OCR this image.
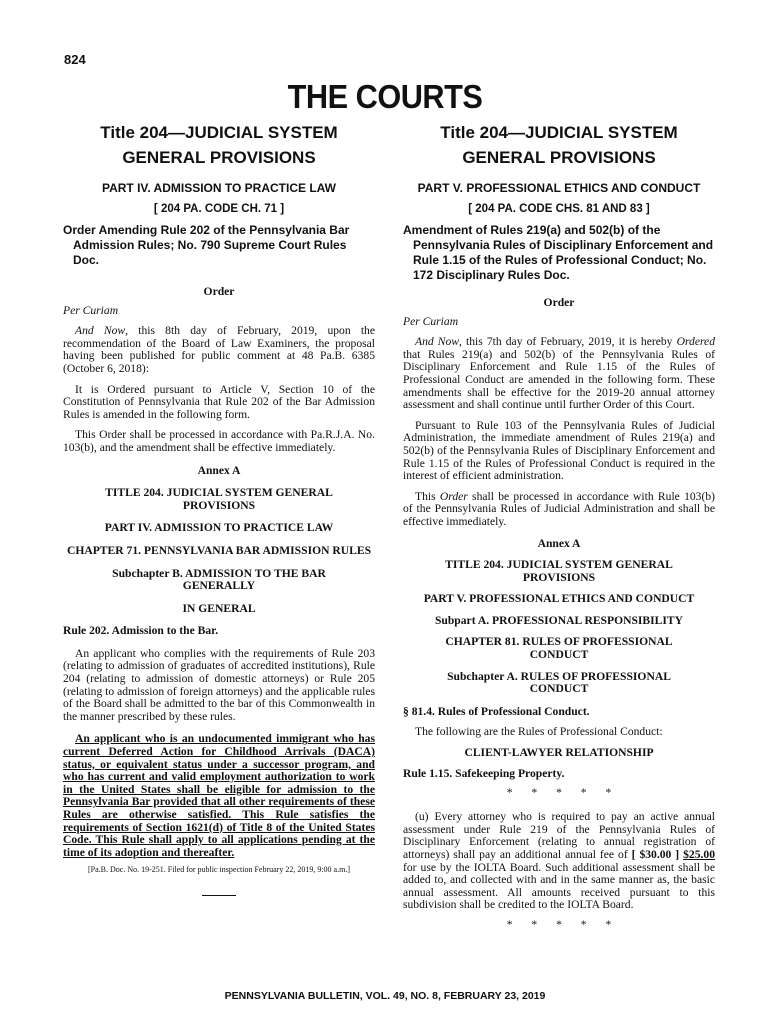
824
THE COURTS
Title 204—JUDICIAL SYSTEM
GENERAL PROVISIONS
PART IV. ADMISSION TO PRACTICE LAW
[ 204 PA. CODE CH. 71 ]
Order Amending Rule 202 of the Pennsylvania Bar Admission Rules; No. 790 Supreme Court Rules Doc.
Order
Per Curiam

And Now, this 8th day of February, 2019, upon the recommendation of the Board of Law Examiners, the proposal having been published for public comment at 48 Pa.B. 6385 (October 6, 2018):

It is Ordered pursuant to Article V, Section 10 of the Constitution of Pennsylvania that Rule 202 of the Bar Admission Rules is amended in the following form.

This Order shall be processed in accordance with Pa.R.J.A. No. 103(b), and the amendment shall be effective immediately.

Annex A
TITLE 204. JUDICIAL SYSTEM GENERAL PROVISIONS
PART IV. ADMISSION TO PRACTICE LAW
CHAPTER 71. PENNSYLVANIA BAR ADMISSION RULES
Subchapter B. ADMISSION TO THE BAR GENERALLY
IN GENERAL
Rule 202. Admission to the Bar.

An applicant who complies with the requirements of Rule 203 (relating to admission of graduates of accredited institutions), Rule 204 (relating to admission of domestic attorneys) or Rule 205 (relating to admission of foreign attorneys) and the applicable rules of the Board shall be admitted to the bar of this Commonwealth in the manner prescribed by these rules.

An applicant who is an undocumented immigrant who has current Deferred Action for Childhood Arrivals (DACA) status, or equivalent status under a successor program, and who has current and valid employment authorization to work in the United States shall be eligible for admission to the Pennsylvania Bar provided that all other requirements of these Rules are otherwise satisfied. This Rule satisfies the requirements of Section 1621(d) of Title 8 of the United States Code. This Rule shall apply to all applications pending at the time of its adoption and thereafter.

[Pa.B. Doc. No. 19-251. Filed for public inspection February 22, 2019, 9:00 a.m.]
Title 204—JUDICIAL SYSTEM
GENERAL PROVISIONS
PART V. PROFESSIONAL ETHICS AND CONDUCT
[ 204 PA. CODE CHS. 81 AND 83 ]
Amendment of Rules 219(a) and 502(b) of the Pennsylvania Rules of Disciplinary Enforcement and Rule 1.15 of the Rules of Professional Conduct; No. 172 Disciplinary Rules Doc.
Order
Per Curiam

And Now, this 7th day of February, 2019, it is hereby Ordered that Rules 219(a) and 502(b) of the Pennsylvania Rules of Disciplinary Enforcement and Rule 1.15 of the Rules of Professional Conduct are amended in the following form. These amendments shall be effective for the 2019-20 annual attorney assessment and shall continue until further Order of this Court.

Pursuant to Rule 103 of the Pennsylvania Rules of Judicial Administration, the immediate amendment of Rules 219(a) and 502(b) of the Pennsylvania Rules of Disciplinary Enforcement and Rule 1.15 of the Rules of Professional Conduct is required in the interest of efficient administration.

This Order shall be processed in accordance with Rule 103(b) of the Pennsylvania Rules of Judicial Administration and shall be effective immediately.

Annex A
TITLE 204. JUDICIAL SYSTEM GENERAL PROVISIONS
PART V. PROFESSIONAL ETHICS AND CONDUCT
Subpart A. PROFESSIONAL RESPONSIBILITY
CHAPTER 81. RULES OF PROFESSIONAL CONDUCT
Subchapter A. RULES OF PROFESSIONAL CONDUCT
§ 81.4. Rules of Professional Conduct.

The following are the Rules of Professional Conduct:

CLIENT-LAWYER RELATIONSHIP
Rule 1.15. Safekeeping Property.
* * * * *

(u) Every attorney who is required to pay an active annual assessment under Rule 219 of the Pennsylvania Rules of Disciplinary Enforcement (relating to annual registration of attorneys) shall pay an additional annual fee of [ $30.00 ] $25.00 for use by the IOLTA Board. Such additional assessment shall be added to, and collected with and in the same manner as, the basic annual assessment. All amounts received pursuant to this subdivision shall be credited to the IOLTA Board.

* * * * *
PENNSYLVANIA BULLETIN, VOL. 49, NO. 8, FEBRUARY 23, 2019
